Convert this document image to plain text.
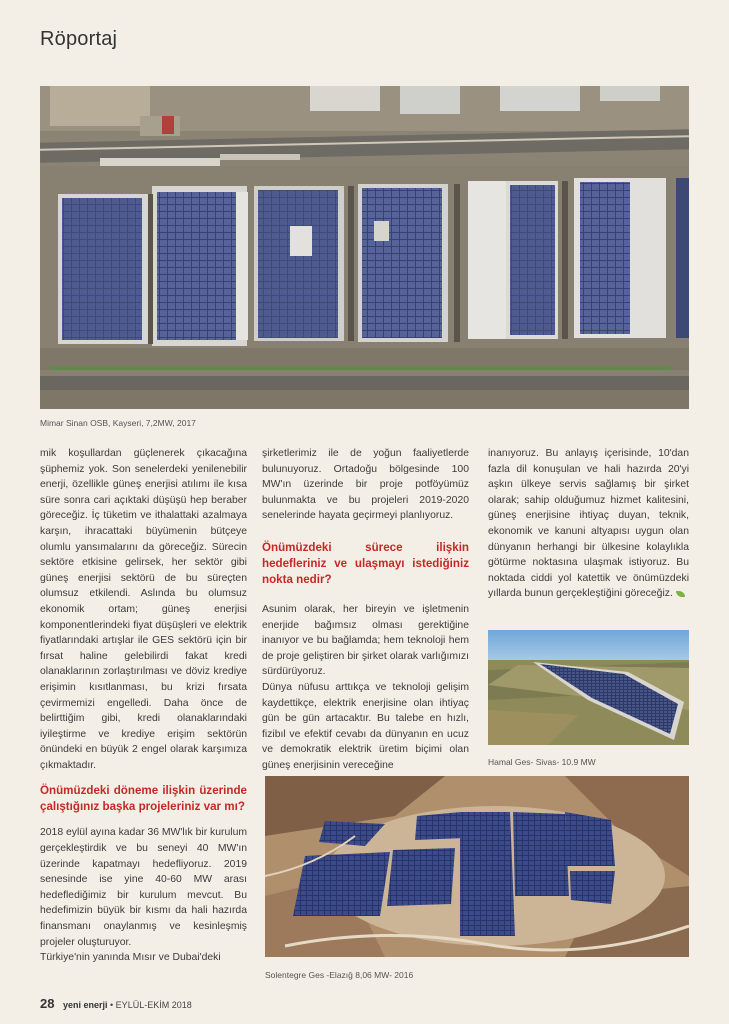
Röportaj
Mimar Sinan OSB, Kayseri, 7,2MW, 2017

mik koşullardan güçlenerek çıkacağına şüphemiz yok. Son senelerdeki yenilenebilir enerji, özellikle güneş enerjisi atılımı ile kısa süre sonra cari açıktaki düşüşü hep beraber göreceğiz. İç tüketim ve ithalattaki azalmaya karşın, ihracattaki büyümenin bütçeye olumlu yansımalarını da göreceğiz. Sürecin sektöre etkisine gelirsek, her sektör gibi güneş enerjisi sektörü de bu süreçten olumsuz etkilendi. Aslında bu olumsuz ekonomik ortam; güneş enerjisi komponentlerindeki fiyat düşüşleri ve elektrik fiyatlarındaki artışlar ile GES sektörü için bir fırsat haline gelebilirdi fakat kredi olanaklarının zorlaştırılması ve döviz krediye erişimin kısıtlanması, bu krizi fırsata çevirmemizi engelledi. Daha önce de belirttiğim gibi, kredi olanaklarındaki iyileştirme ve krediye erişim sektörün önündeki en büyük 2 engel olarak karşımıza çıkmaktadır.

Önümüzdeki döneme ilişkin üzerinde çalıştığınız başka projeleriniz var mı?

2018 eylül ayına kadar 36 MW'lık bir kurulum gerçekleştirdik ve bu seneyi 40 MW'ın üzerinde kapatmayı hedefliyoruz. 2019 senesinde ise yine 40-60 MW arası hedeflediğimiz bir kurulum mevcut. Bu hedefimizin büyük bir kısmı da hali hazırda finansmanı onaylanmış ve kesinleşmiş projeler oluşturuyor.

Türkiye'nin yanında Mısır ve Dubai'deki

şirketlerimiz ile de yoğun faaliyetlerde bulunuyoruz. Ortadoğu bölgesinde 100 MW'ın üzerinde bir proje potföyümüz bulunmakta ve bu projeleri 2019-2020 senelerinde hayata geçirmeyi planlıyoruz.

Önümüzdeki sürece ilişkin hedefleriniz ve ulaşmayı istediğiniz nokta nedir?

Asunim olarak, her bireyin ve işletmenin enerjide bağımsız olması gerektiğine inanıyor ve bu bağlamda; hem teknoloji hem de proje geliştiren bir şirket olarak varlığımızı sürdürüyoruz.

Dünya nüfusu arttıkça ve teknoloji gelişim kaydettikçe, elektrik enerjisine olan ihtiyaç gün be gün artacaktır. Bu talebe en hızlı, fizibıl ve efektif cevabı da dünyanın en ucuz ve demokratik elektrik üretim biçimi olan güneş enerjisinin vereceğine

inanıyoruz. Bu anlayış içerisinde, 10'dan fazla dil konuşulan ve hali hazırda 20'yi aşkın ülkeye servis sağlamış bir şirket olarak; sahip olduğumuz hizmet kalitesini, güneş enerjisine ihtiyaç duyan, teknik, ekonomik ve kanuni altyapısı uygun olan dünyanın herhangi bir ülkesine kolaylıkla götürme noktasına ulaşmak istiyoruz. Bu noktada ciddi yol katettik ve önümüzdeki yıllarda bunun gerçekleştiğini göreceğiz.

Hamal Ges- Sivas- 10.9 MW
Solentegre Ges -Elazığ 8,06 MW- 2016
28 yeni enerji • EYLÜL-EKİM 2018
